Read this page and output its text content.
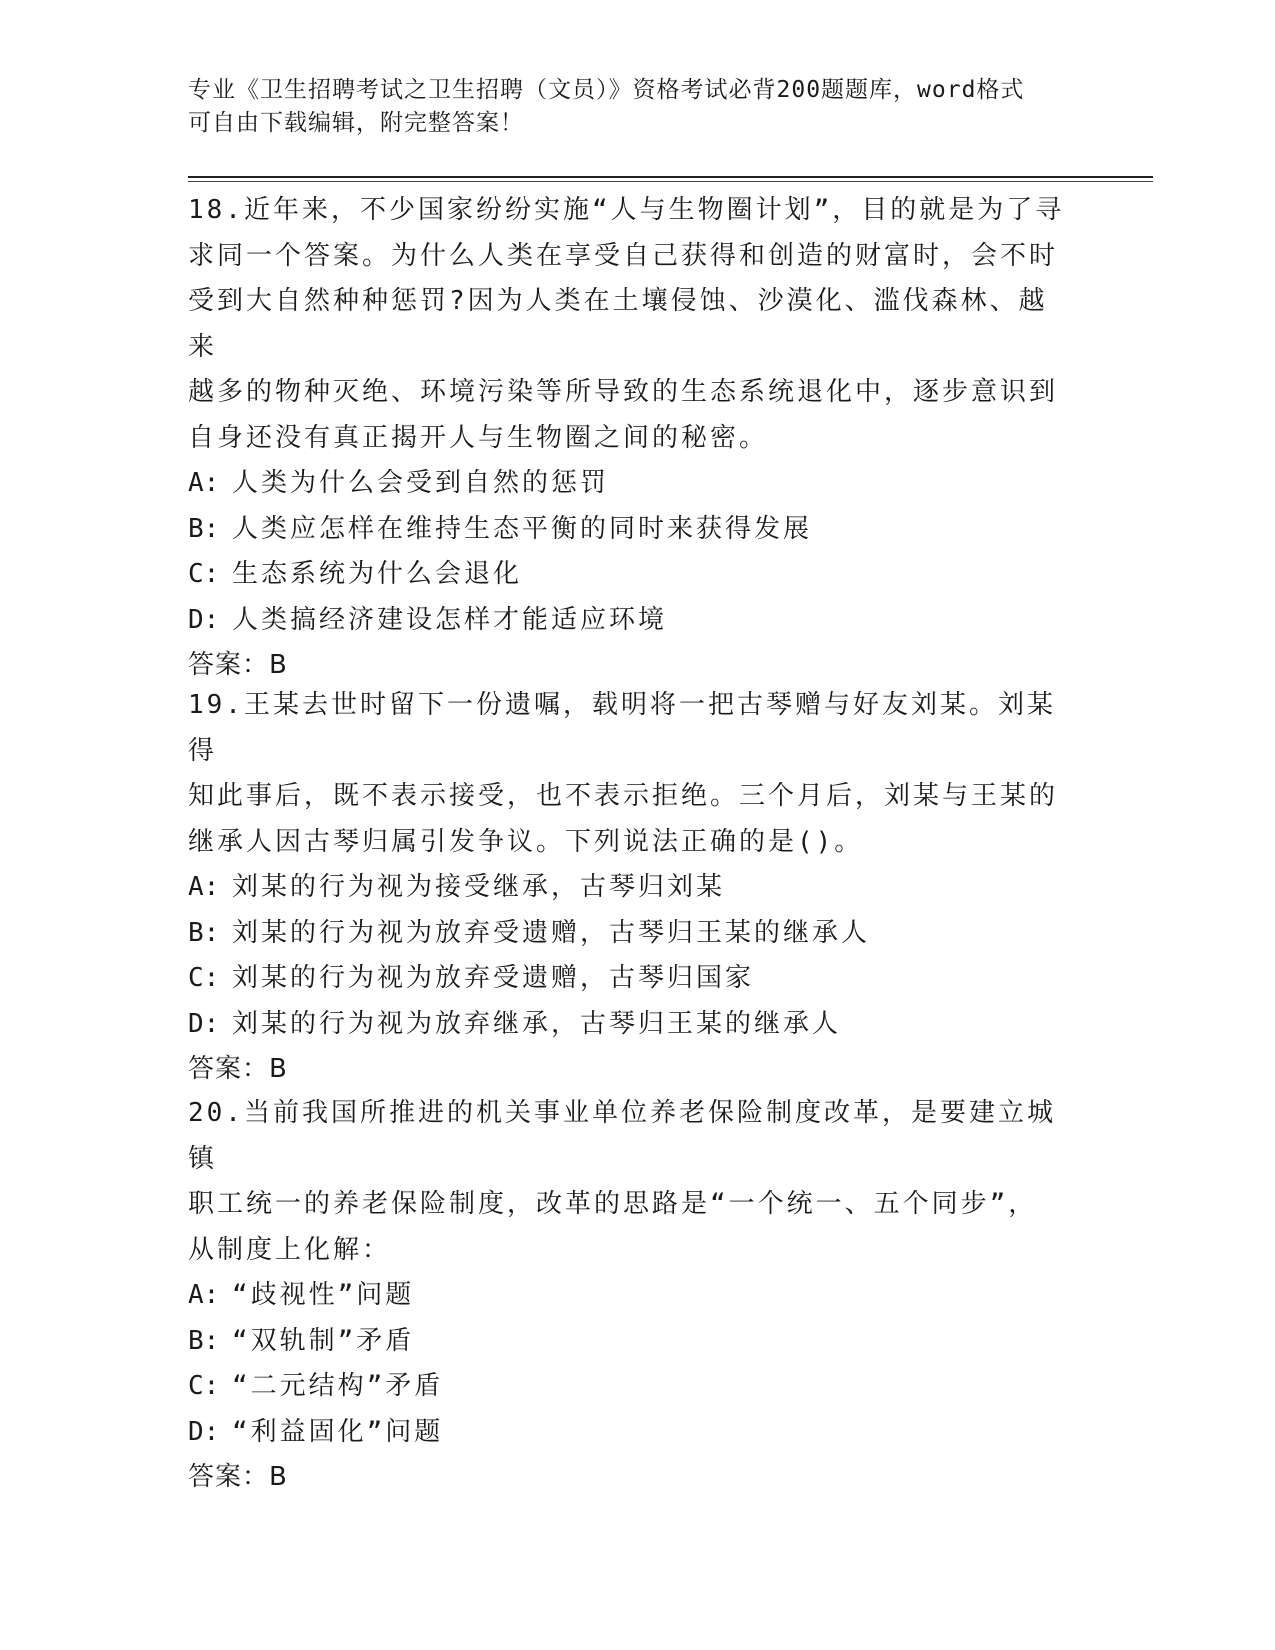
专业《卫生招聘考试之卫生招聘（文员）》资格考试必背200题题库，word格式
可自由下载编辑，附完整答案！
18.近年来，不少国家纷纷实施“人与生物圈计划”，目的就是为了寻
求同一个答案。为什么人类在享受自己获得和创造的财富时，会不时
受到大自然种种惩罚?因为人类在土壤侵蚀、沙漠化、滥伐森林、越来
越多的物种灭绝、环境污染等所导致的生态系统退化中，逐步意识到
自身还没有真正揭开人与生物圈之间的秘密。
A: 人类为什么会受到自然的惩罚
B: 人类应怎样在维持生态平衡的同时来获得发展
C: 生态系统为什么会退化
D: 人类搞经济建设怎样才能适应环境
答案：B
19.王某去世时留下一份遗嘱，载明将一把古琴赠与好友刘某。刘某得
知此事后，既不表示接受，也不表示拒绝。三个月后，刘某与王某的
继承人因古琴归属引发争议。下列说法正确的是()。
A: 刘某的行为视为接受继承，古琴归刘某
B: 刘某的行为视为放弃受遗赠，古琴归王某的继承人
C: 刘某的行为视为放弃受遗赠，古琴归国家
D: 刘某的行为视为放弃继承，古琴归王某的继承人
答案：B
20.当前我国所推进的机关事业单位养老保险制度改革，是要建立城镇
职工统一的养老保险制度，改革的思路是“一个统一、五个同步”，
从制度上化解：
A: “歧视性”问题
B: “双轨制”矛盾
C: “二元结构”矛盾
D: “利益固化”问题
答案：B
